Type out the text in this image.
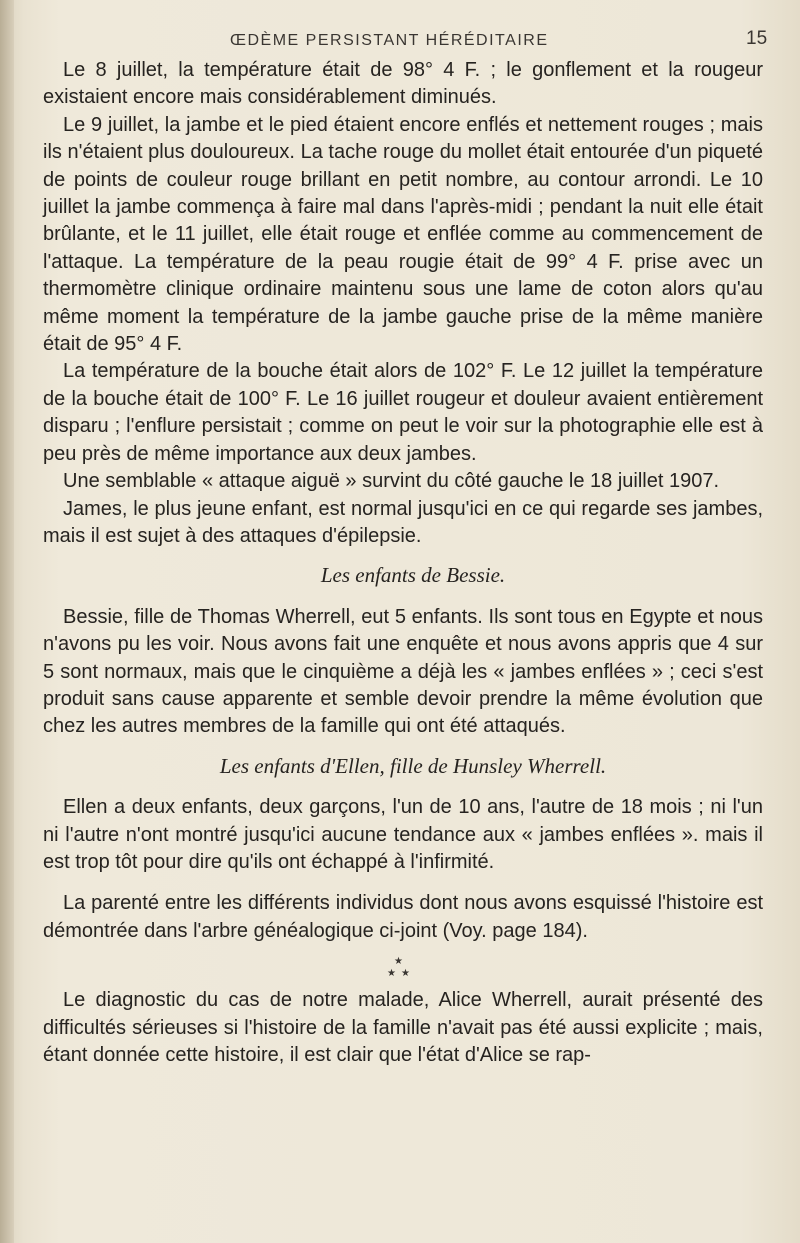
ŒDÈME PERSISTANT HÉRÉDITAIRE	15

Le 8 juillet, la température était de 98° 4 F. ; le gonflement et la rougeur existaient encore mais considérablement diminués.

Le 9 juillet, la jambe et le pied étaient encore enflés et nettement rouges ; mais ils n'étaient plus douloureux. La tache rouge du mollet était entourée d'un piqueté de points de couleur rouge brillant en petit nombre, au contour arrondi. Le 10 juillet la jambe commença à faire mal dans l'après-midi ; pendant la nuit elle était brûlante, et le 11 juillet, elle était rouge et enflée comme au commencement de l'attaque. La température de la peau rougie était de 99° 4 F. prise avec un thermomètre clinique ordinaire maintenu sous une lame de coton alors qu'au même moment la température de la jambe gauche prise de la même manière était de 95° 4 F.

La température de la bouche était alors de 102° F. Le 12 juillet la température de la bouche était de 100° F. Le 16 juillet rougeur et douleur avaient entièrement disparu ; l'enflure persistait ; comme on peut le voir sur la photographie elle est à peu près de même importance aux deux jambes.

Une semblable « attaque aiguë » survint du côté gauche le 18 juillet 1907.

James, le plus jeune enfant, est normal jusqu'ici en ce qui regarde ses jambes, mais il est sujet à des attaques d'épilepsie.

Les enfants de Bessie.

Bessie, fille de Thomas Wherrell, eut 5 enfants. Ils sont tous en Egypte et nous n'avons pu les voir. Nous avons fait une enquête et nous avons appris que 4 sur 5 sont normaux, mais que le cinquième a déjà les « jambes enflées » ; ceci s'est produit sans cause apparente et semble devoir prendre la même évolution que chez les autres membres de la famille qui ont été attaqués.

Les enfants d'Ellen, fille de Hunsley Wherrell.

Ellen a deux enfants, deux garçons, l'un de 10 ans, l'autre de 18 mois ; ni l'un ni l'autre n'ont montré jusqu'ici aucune tendance aux « jambes enflées ». mais il est trop tôt pour dire qu'ils ont échappé à l'infirmité.

La parenté entre les différents individus dont nous avons esquissé l'histoire est démontrée dans l'arbre généalogique ci-joint (Voy. page 184).

★
★ ★

Le diagnostic du cas de notre malade, Alice Wherrell, aurait présenté des difficultés sérieuses si l'histoire de la famille n'avait pas été aussi explicite ; mais, étant donnée cette histoire, il est clair que l'état d'Alice se rap-
